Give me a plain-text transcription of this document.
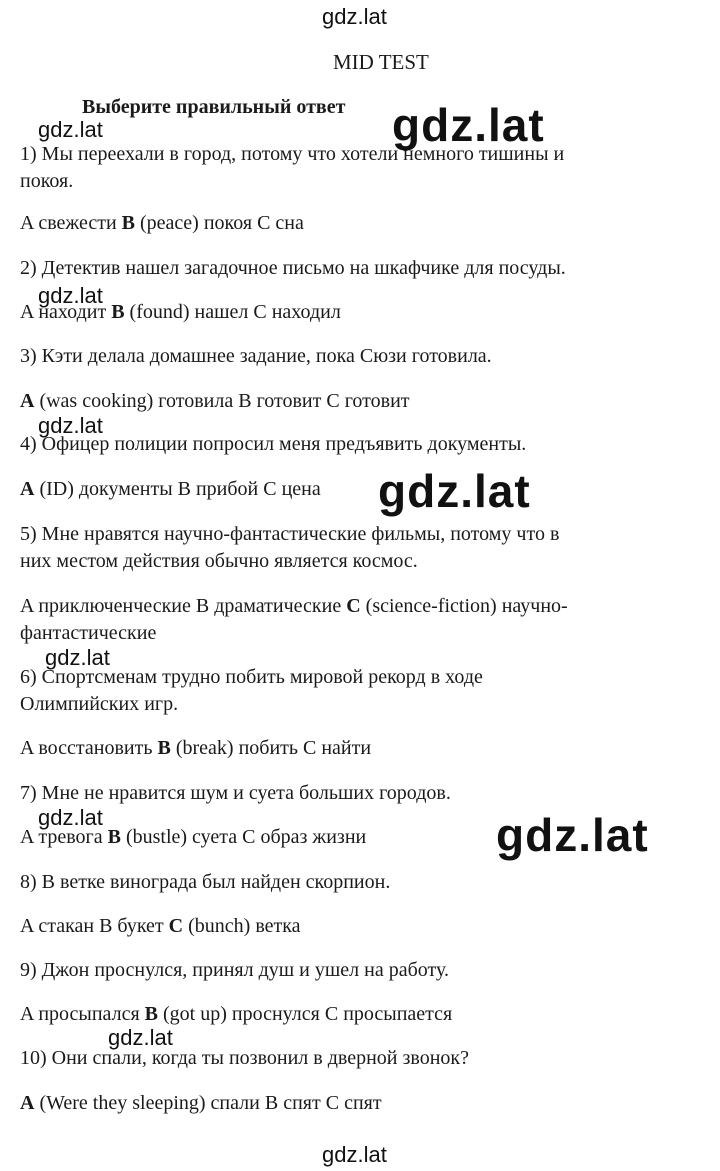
gdz.lat
MID TEST
Выберите правильный ответ
1) Мы переехали в город, потому что хотели немного тишины и
покоя.
A свежести B (peace) покоя C сна
2) Детектив нашел загадочное письмо на шкафчике для посуды.
A находит B (found) нашел C находил
3) Кэти делала домашнее задание, пока Сюзи готовила.
A (was cooking) готовила B готовит C готовит
4) Офицер полиции попросил меня предъявить документы.
A (ID) документы B прибой C цена
5) Мне нравятся научно-фантастические фильмы, потому что в
них местом действия обычно является космос.
A приключенческие B драматические C (science-fiction) научно-
фантастические
6) Спортсменам трудно побить мировой рекорд в ходе
Олимпийских игр.
A восстановить B (break) побить C найти
7) Мне не нравится шум и суета больших городов.
A тревога B (bustle) суета C образ жизни
8) В ветке винограда был найден скорпион.
A стакан B букет C (bunch) ветка
9) Джон проснулся, принял душ и ушел на работу.
A просыпался B (got up) проснулся C просыпается
10) Они спали, когда ты позвонил в дверной звонок?
A (Were they sleeping) спали B спят C спят
gdz.lat	gdz.lat
gdz.lat
gdz.lat
gdz.lat
gdz.lat
gdz.lat	gdz.lat
gdz.lat
gdz.lat
